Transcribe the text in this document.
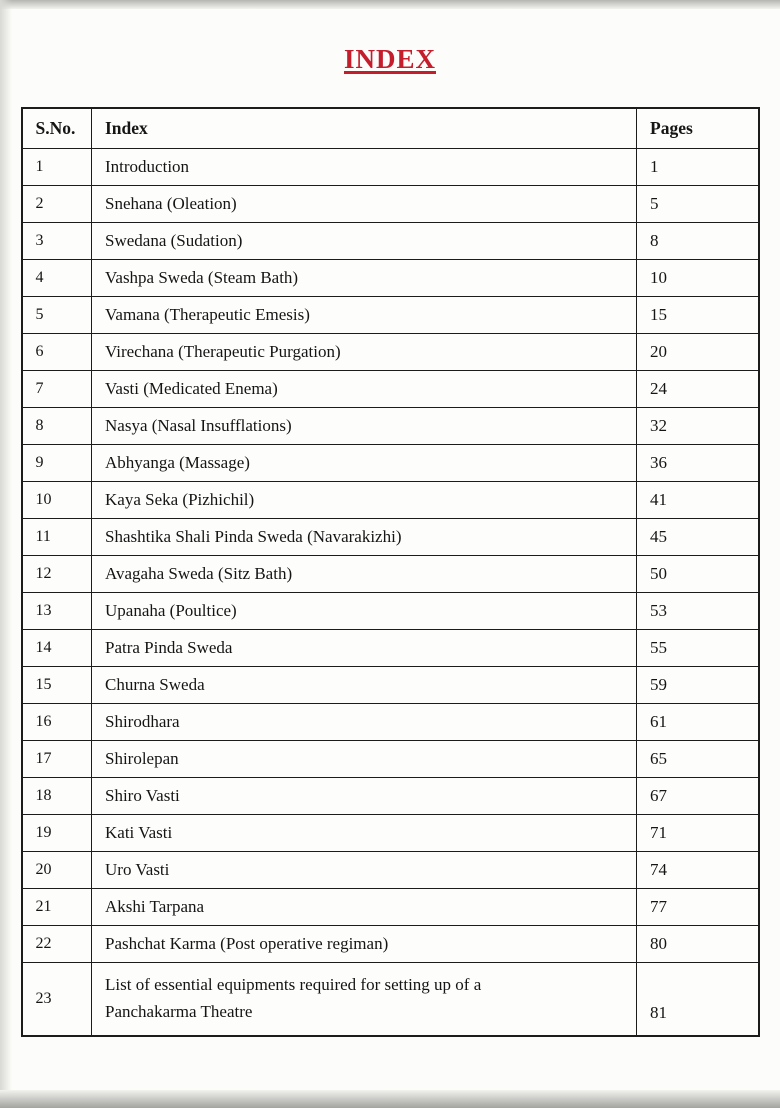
INDEX
S.No.	Index	Pages
1	Introduction	1
2	Snehana (Oleation)	5
3	Swedana (Sudation)	8
4	Vashpa Sweda (Steam Bath)	10
5	Vamana (Therapeutic Emesis)	15
6	Virechana (Therapeutic Purgation)	20
7	Vasti (Medicated Enema)	24
8	Nasya (Nasal Insufflations)	32
9	Abhyanga (Massage)	36
10	Kaya Seka (Pizhichil)	41
11	Shashtika Shali Pinda Sweda (Navarakizhi)	45
12	Avagaha Sweda (Sitz Bath)	50
13	Upanaha (Poultice)	53
14	Patra Pinda Sweda	55
15	Churna Sweda	59
16	Shirodhara	61
17	Shirolepan	65
18	Shiro Vasti	67
19	Kati Vasti	71
20	Uro Vasti	74
21	Akshi Tarpana	77
22	Pashchat Karma (Post operative regiman)	80
23	List of essential equipments required for setting up of a Panchakarma Theatre	81
